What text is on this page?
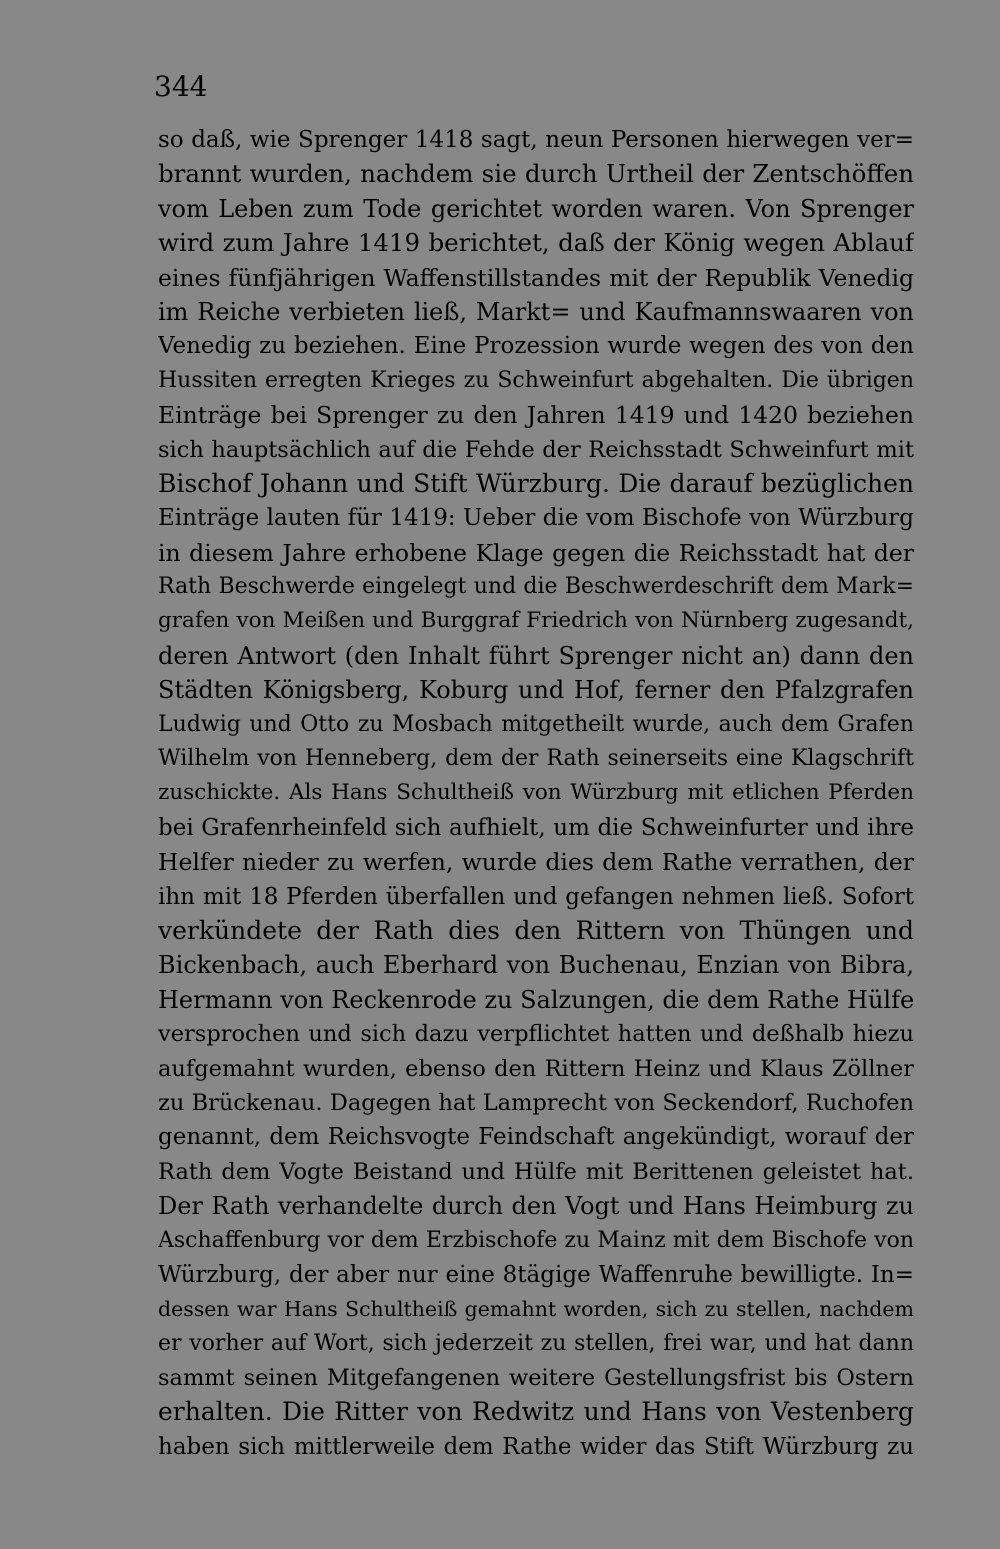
344

so daß, wie Sprenger 1418 sagt, neun Personen hierwegen ver=
brannt wurden, nachdem sie durch Urtheil der Zentschöffen
vom Leben zum Tode gerichtet worden waren. Von Sprenger
wird zum Jahre 1419 berichtet, daß der König wegen Ablauf
eines fünfjährigen Waffenstillstandes mit der Republik Venedig
im Reiche verbieten ließ, Markt= und Kaufmannswaaren von
Venedig zu beziehen. Eine Prozession wurde wegen des von den
Hussiten erregten Krieges zu Schweinfurt abgehalten. Die übrigen
Einträge bei Sprenger zu den Jahren 1419 und 1420 beziehen
sich hauptsächlich auf die Fehde der Reichsstadt Schweinfurt mit
Bischof Johann und Stift Würzburg. Die darauf bezüglichen
Einträge lauten für 1419: Ueber die vom Bischofe von Würzburg
in diesem Jahre erhobene Klage gegen die Reichsstadt hat der
Rath Beschwerde eingelegt und die Beschwerdeschrift dem Mark=
grafen von Meißen und Burggraf Friedrich von Nürnberg zugesandt,
deren Antwort (den Inhalt führt Sprenger nicht an) dann den
Städten Königsberg, Koburg und Hof, ferner den Pfalzgrafen
Ludwig und Otto zu Mosbach mitgetheilt wurde, auch dem Grafen
Wilhelm von Henneberg, dem der Rath seinerseits eine Klagschrift
zuschickte. Als Hans Schultheiß von Würzburg mit etlichen Pferden
bei Grafenrheinfeld sich aufhielt, um die Schweinfurter und ihre
Helfer nieder zu werfen, wurde dies dem Rathe verrathen, der
ihn mit 18 Pferden überfallen und gefangen nehmen ließ. Sofort
verkündete der Rath dies den Rittern von Thüngen und
Bickenbach, auch Eberhard von Buchenau, Enzian von Bibra,
Hermann von Reckenrode zu Salzungen, die dem Rathe Hülfe
versprochen und sich dazu verpflichtet hatten und deßhalb hiezu
aufgemahnt wurden, ebenso den Rittern Heinz und Klaus Zöllner
zu Brückenau. Dagegen hat Lamprecht von Seckendorf, Ruchofen
genannt, dem Reichsvogte Feindschaft angekündigt, worauf der
Rath dem Vogte Beistand und Hülfe mit Berittenen geleistet hat.
Der Rath verhandelte durch den Vogt und Hans Heimburg zu
Aschaffenburg vor dem Erzbischofe zu Mainz mit dem Bischofe von
Würzburg, der aber nur eine 8tägige Waffenruhe bewilligte. In=
dessen war Hans Schultheiß gemahnt worden, sich zu stellen, nachdem
er vorher auf Wort, sich jederzeit zu stellen, frei war, und hat dann
sammt seinen Mitgefangenen weitere Gestellungsfrist bis Ostern
erhalten. Die Ritter von Redwitz und Hans von Vestenberg
haben sich mittlerweile dem Rathe wider das Stift Würzburg zu
